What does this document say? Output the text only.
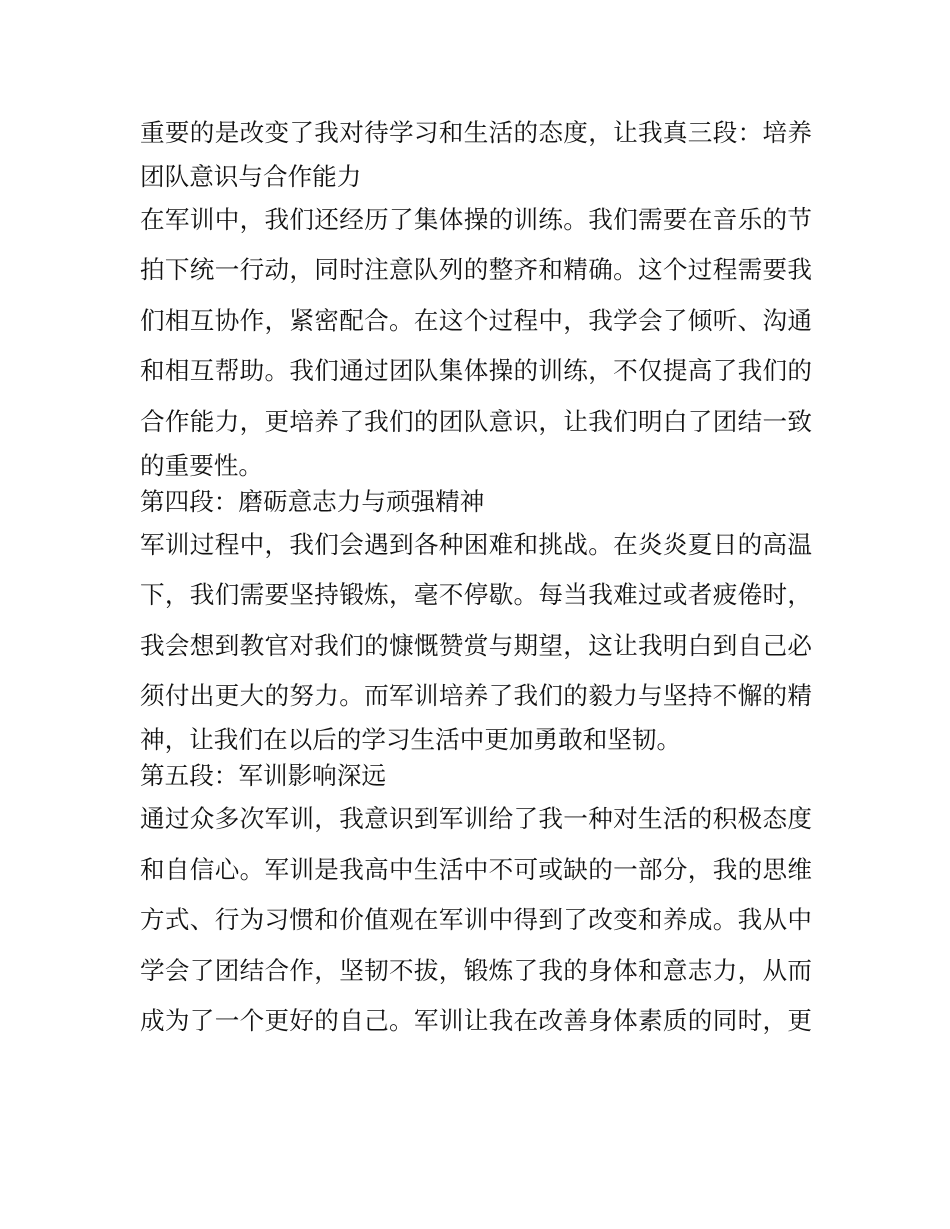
重要的是改变了我对待学习和生活的态度，让我真三段：培养
团队意识与合作能力
在军训中，我们还经历了集体操的训练。我们需要在音乐的节
拍下统一行动，同时注意队列的整齐和精确。这个过程需要我
们相互协作，紧密配合。在这个过程中，我学会了倾听、沟通
和相互帮助。我们通过团队集体操的训练，不仅提高了我们的
合作能力，更培养了我们的团队意识，让我们明白了团结一致
的重要性。
第四段：磨砺意志力与顽强精神
军训过程中，我们会遇到各种困难和挑战。在炎炎夏日的高温
下，我们需要坚持锻炼，毫不停歇。每当我难过或者疲倦时，
我会想到教官对我们的慷慨赞赏与期望，这让我明白到自己必
须付出更大的努力。而军训培养了我们的毅力与坚持不懈的精
神，让我们在以后的学习生活中更加勇敢和坚韧。
第五段：军训影响深远
通过众多次军训，我意识到军训给了我一种对生活的积极态度
和自信心。军训是我高中生活中不可或缺的一部分，我的思维
方式、行为习惯和价值观在军训中得到了改变和养成。我从中
学会了团结合作，坚韧不拔，锻炼了我的身体和意志力，从而
成为了一个更好的自己。军训让我在改善身体素质的同时，更
